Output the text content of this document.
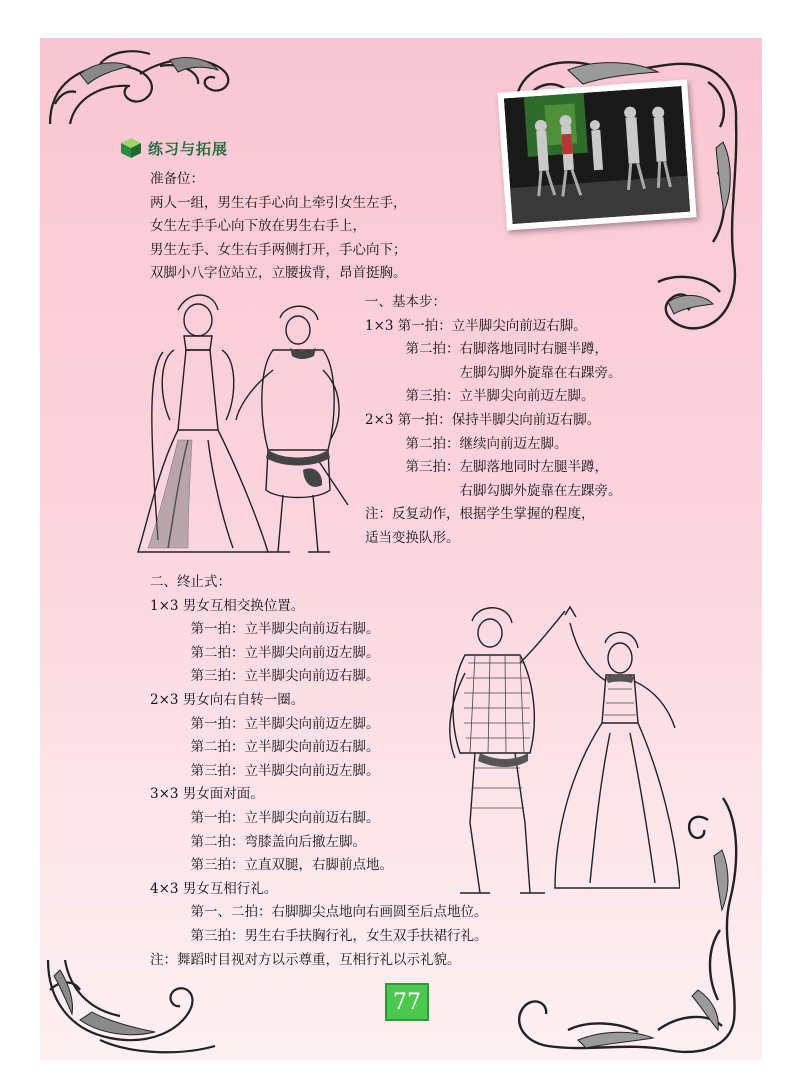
练习与拓展
准备位：
两人一组，男生右手心向上牵引女生左手，
女生左手手心向下放在男生右手上，
男生左手、女生右手两侧打开，手心向下；
双脚小八字位站立，立腰拔背，昂首挺胸。
一、基本步：
1×3 第一拍：立半脚尖向前迈右脚。
　　　第二拍：右脚落地同时右腿半蹲，
　　　　　　　左脚勾脚外旋靠在右踝旁。
　　　第三拍：立半脚尖向前迈左脚。
2×3 第一拍：保持半脚尖向前迈右脚。
　　　第二拍：继续向前迈左脚。
　　　第三拍：左脚落地同时左腿半蹲，
　　　　　　　右脚勾脚外旋靠在左踝旁。
注：反复动作，根据学生掌握的程度，
适当变换队形。
二、终止式：
1×3 男女互相交换位置。
　　　第一拍：立半脚尖向前迈右脚。
　　　第二拍：立半脚尖向前迈左脚。
　　　第三拍：立半脚尖向前迈右脚。
2×3 男女向右自转一圈。
　　　第一拍：立半脚尖向前迈左脚。
　　　第二拍：立半脚尖向前迈右脚。
　　　第三拍：立半脚尖向前迈左脚。
3×3 男女面对面。
　　　第一拍：立半脚尖向前迈右脚。
　　　第二拍：弯膝盖向后撤左脚。
　　　第三拍：立直双腿，右脚前点地。
4×3 男女互相行礼。
　　　第一、二拍：右脚脚尖点地向右画圆至后点地位。
　　　第三拍：男生右手扶胸行礼，女生双手扶裙行礼。
注：舞蹈时目视对方以示尊重，互相行礼以示礼貌。
77
